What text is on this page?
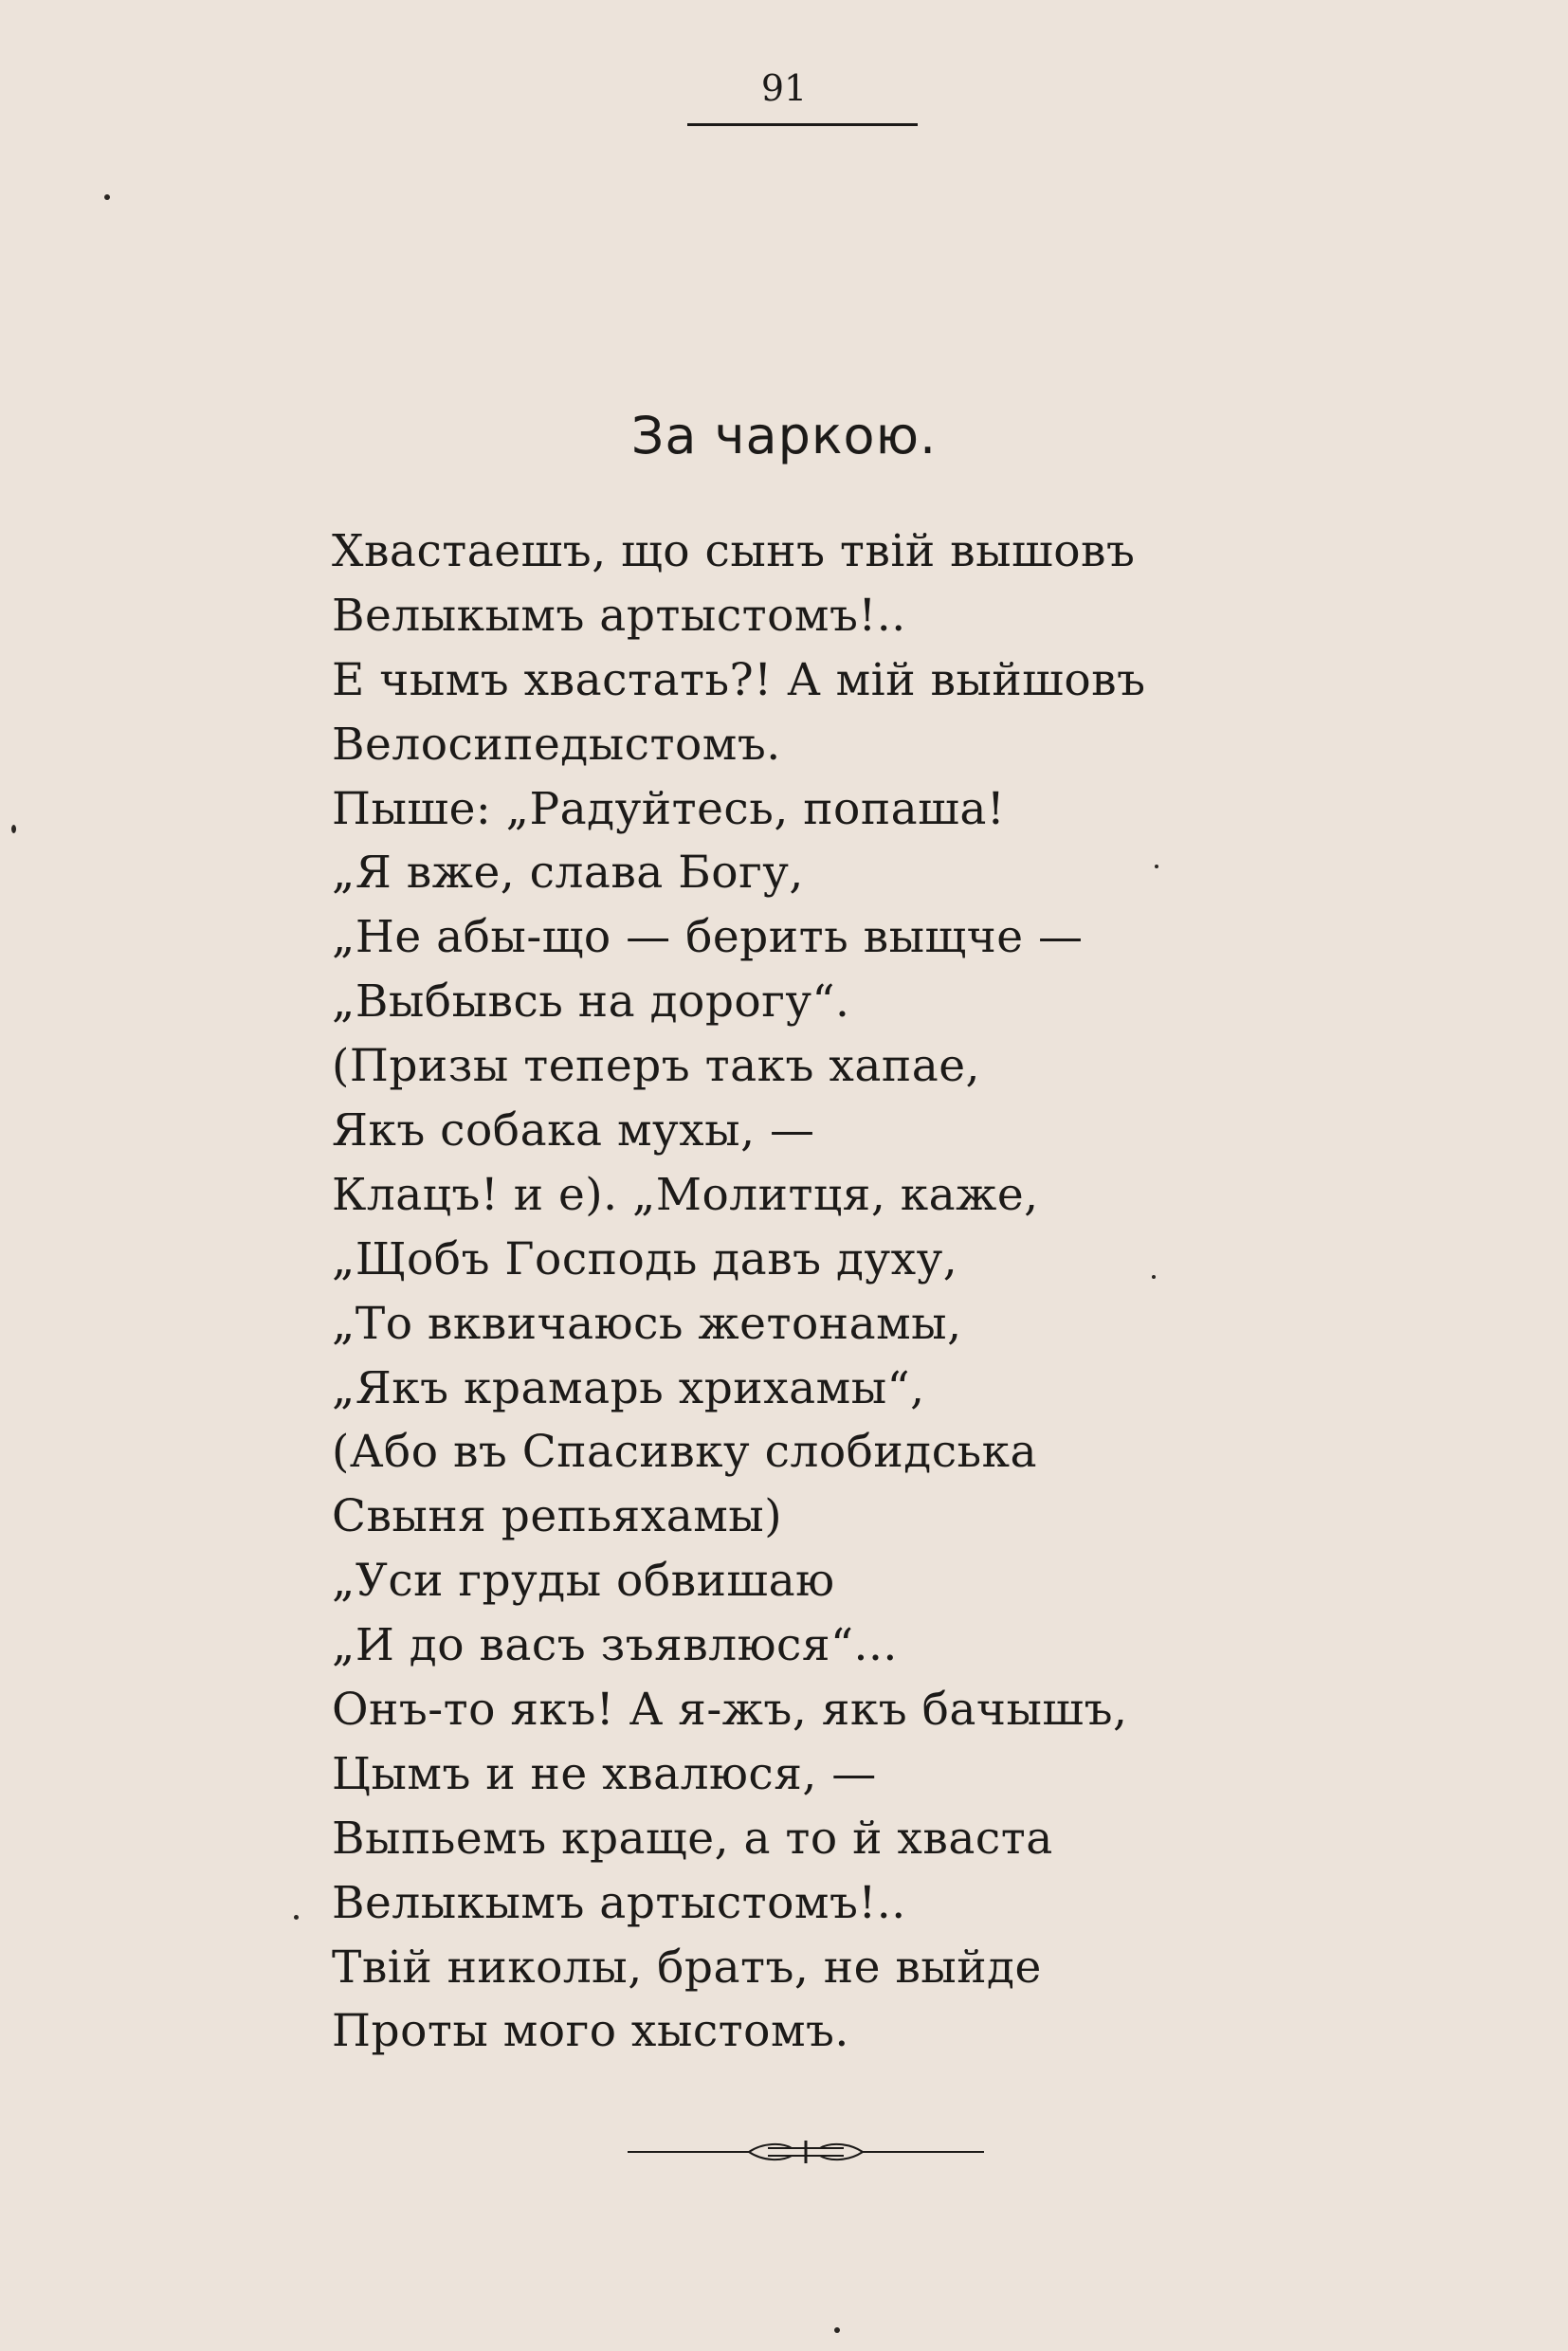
91
За чаркою.
Хвастаешъ, що сынъ твій вышовъ
Велыкымъ артыстомъ!..
Е чымъ хвастать?! А мій выйшовъ
Велосипедыстомъ.
Пыше: „Радуйтесь, попаша!
„Я вже, слава Богу,
„Не абы-що — берить выщче —
„Выбывсь на дорогу“.
(Призы теперъ такъ хапае,
Якъ собака мухы, —
Клацъ! и е). „Молитця, каже,
„Щобъ Господь давъ духу,
„То вквичаюсь жетонамы,
„Якъ крамарь хрихамы“,
(Або въ Спасивку слобидська
Свыня репьяхамы)
„Уси груды обвишаю
„И до васъ зъявлюся“...
Онъ-то якъ! А я-жъ, якъ бачышъ,
Цымъ и не хвалюся, —
Выпьемъ краще, а то й хваста
Велыкымъ артыстомъ!..
Твій николы, братъ, не выйде
Проты мого хыстомъ.
